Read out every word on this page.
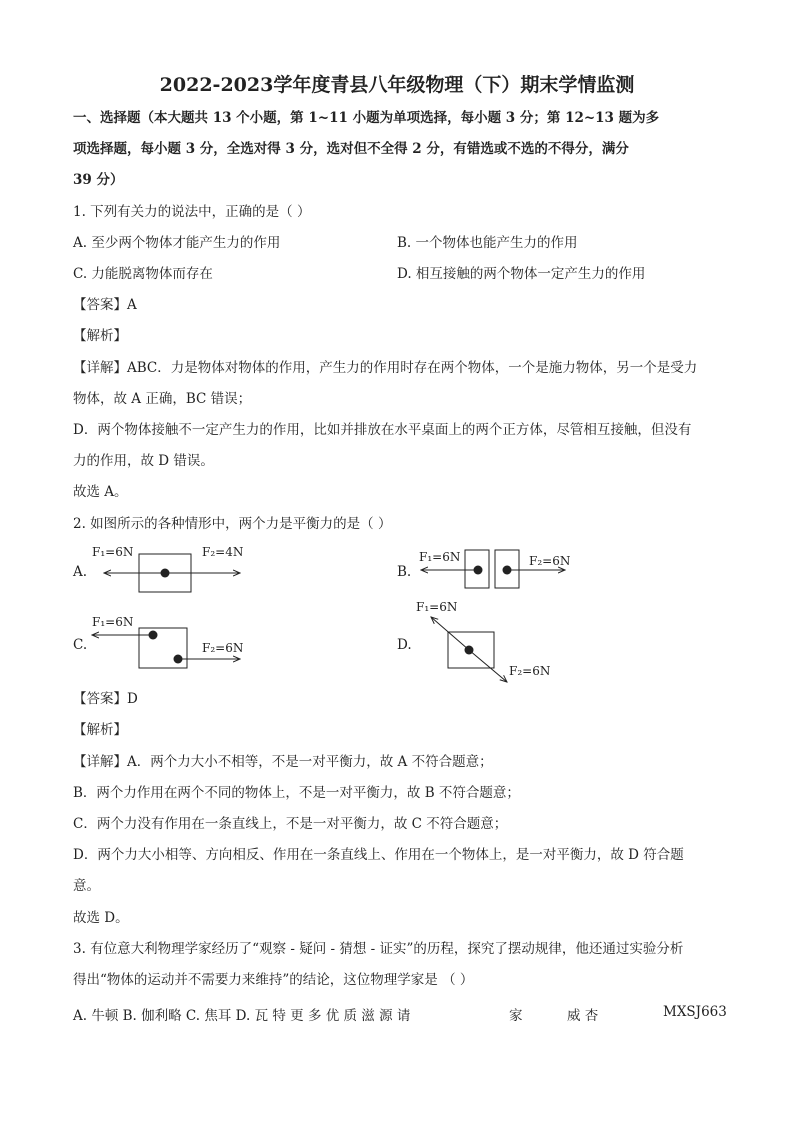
2022-2023学年度青县八年级物理（下）期末学情监测
一、选择题（本大题共 13 个小题，第 1~11 小题为单项选择，每小题 3 分；第 12~13 题为多
项选择题，每小题 3 分，全选对得 3 分，选对但不全得 2 分，有错选或不选的不得分，满分
39 分）
1. 下列有关力的说法中，正确的是（ ）
A. 至少两个物体才能产生力的作用	B. 一个物体也能产生力的作用
C. 力能脱离物体而存在	D. 相互接触的两个物体一定产生力的作用
【答案】A
【解析】
【详解】ABC．力是物体对物体的作用，产生力的作用时存在两个物体，一个是施力物体，另一个是受力
物体，故 A 正确，BC 错误；
D．两个物体接触不一定产生力的作用，比如并排放在水平桌面上的两个正方体，尽管相互接触，但没有
力的作用，故 D 错误。
故选 A。
2. 如图所示的各种情形中，两个力是平衡力的是（ ）
A.	B.
C.	D.
F₁=6N	F₂=4N	F₁=6N	F₂=6N
F₁=6N
F₂=6N
F₁=6N
F₂=6N
【答案】D
【解析】
【详解】A．两个力大小不相等，不是一对平衡力，故 A 不符合题意；
B．两个力作用在两个不同的物体上，不是一对平衡力，故 B 不符合题意；
C．两个力没有作用在一条直线上，不是一对平衡力，故 C 不符合题意；
D．两个力大小相等、方向相反、作用在一条直线上、作用在一个物体上，是一对平衡力，故 D 符合题
意。
故选 D。
3. 有位意大利物理学家经历了“观察 - 疑问 - 猜想 - 证实”的历程，探究了摆动规律，他还通过实验分析
得出“物体的运动并不需要力来维持”的结论，这位物理学家是 （ ）
A. 牛顿 B. 伽利略 C. 焦耳 D. 瓦 特 更 多 优 质 滋 源 请	家	威 杏	MXSJ663
